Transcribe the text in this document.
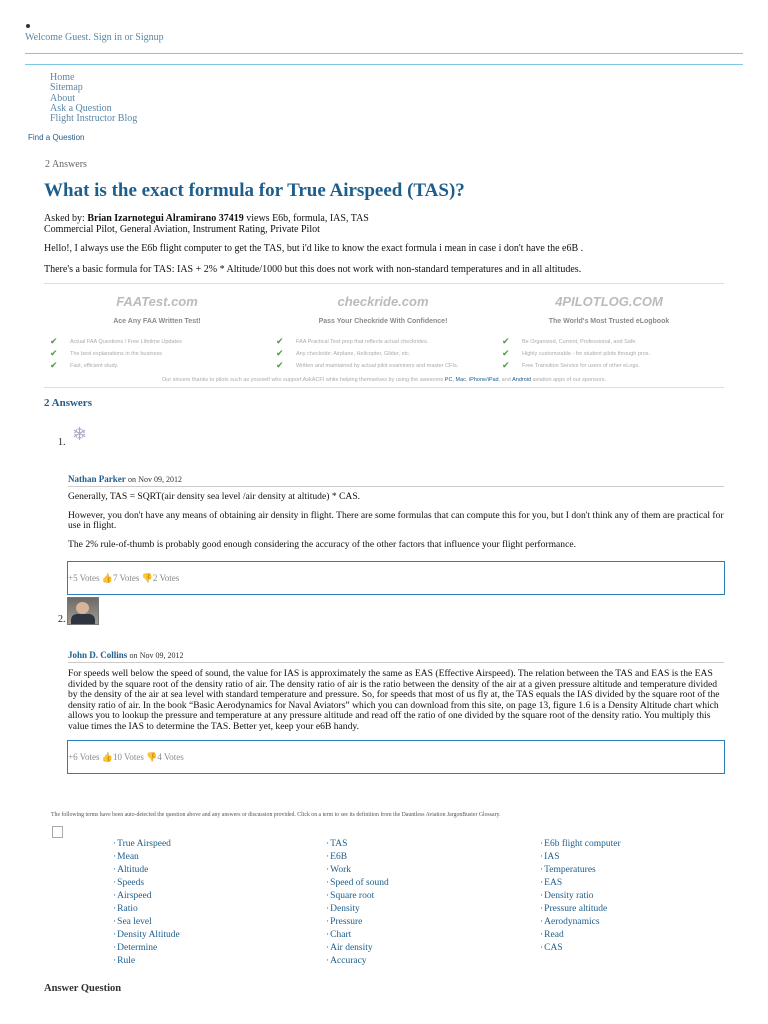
Welcome Guest. Sign in or Signup
Home
Sitemap
About
Ask a Question
Flight Instructor Blog
Find a Question
2 Answers
What is the exact formula for True Airspeed (TAS)?
Asked by: Brian Izarnotegui Alramirano 37419 views E6b, formula, IAS, TAS
Commercial Pilot, General Aviation, Instrument Rating, Private Pilot
Hello!, I always use the E6b flight computer to get the TAS, but i'd like to know the exact formula i mean in case i don't have the e6B .
There's a basic formula for TAS: IAS + 2% * Altitude/1000 but this does not work with non-standard temperatures and in all altitudes.
FAATest.com
Ace Any FAA Written Test!
✔ Actual FAA Questions / Free Lifetime Updates
✔ The best explanations in the business
✔ Fast, efficient study.
checkride.com
Pass Your Checkride With Confidence!
✔ FAA Practical Test prep that reflects actual checkrides.
✔ Any checkride: Airplane, Helicopter, Glider, etc.
✔ Written and maintained by actual pilot examiners and master CFIs.
4PILOTLOG.COM
The World's Most Trusted eLogbook
✔ Be Organized, Current, Professional, and Safe.
✔ Highly customizable - for student pilots through pros.
✔ Free Transition Service for users of other eLogs.
Our sincere thanks to pilots such as yourself who support AskACFI while helping themselves by using the awesome PC, Mac, iPhone/iPad, and Android aviation apps of our sponsors.
2 Answers
1. ❄
Nathan Parker on Nov 09, 2012
Generally, TAS = SQRT(air density sea level /air density at altitude) * CAS.
However, you don't have any means of obtaining air density in flight. There are some formulas that can compute this for you, but I don't think any of them are practical for use in flight.
The 2% rule-of-thumb is probably good enough considering the accuracy of the other factors that influence your flight performance.
+5 Votes 👍7 Votes 👎2 Votes
2.
John D. Collins on Nov 09, 2012
For speeds well below the speed of sound, the value for IAS is approximately the same as EAS (Effective Airspeed). The relation between the TAS and EAS is the EAS divided by the square root of the density ratio of air. The density ratio of air is the ratio between the density of the air at a given pressure altitude and temperature divided by the density of the air at sea level with standard temperature and pressure. So, for speeds that most of us fly at, the TAS equals the IAS divided by the square root of the density ratio of air. In the book “Basic Aerodynamics for Naval Aviators” which you can download from this site, on page 13, figure 1.6 is a Density Altitude chart which allows you to lookup the pressure and temperature at any pressure altitude and read off the ratio of one divided by the square root of the density ratio. You multiply this value times the IAS to determine the TAS. Better yet, keep your e6B handy.
+6 Votes 👍10 Votes 👎4 Votes
The following terms have been auto-detected the question above and any answers or discussion provided. Click on a term to see its definition from the Dauntless Aviation JargonBuster Glossary.
· True Airspeed
· Mean
· Altitude
· Speeds
· Airspeed
· Ratio
· Sea level
· Density Altitude
· Determine
· Rule
· TAS
· E6B
· Work
· Speed of sound
· Square root
· Density
· Pressure
· Chart
· Air density
· Accuracy
· E6b flight computer
· IAS
· Temperatures
· EAS
· Density ratio
· Pressure altitude
· Aerodynamics
· Read
· CAS
Answer Question
